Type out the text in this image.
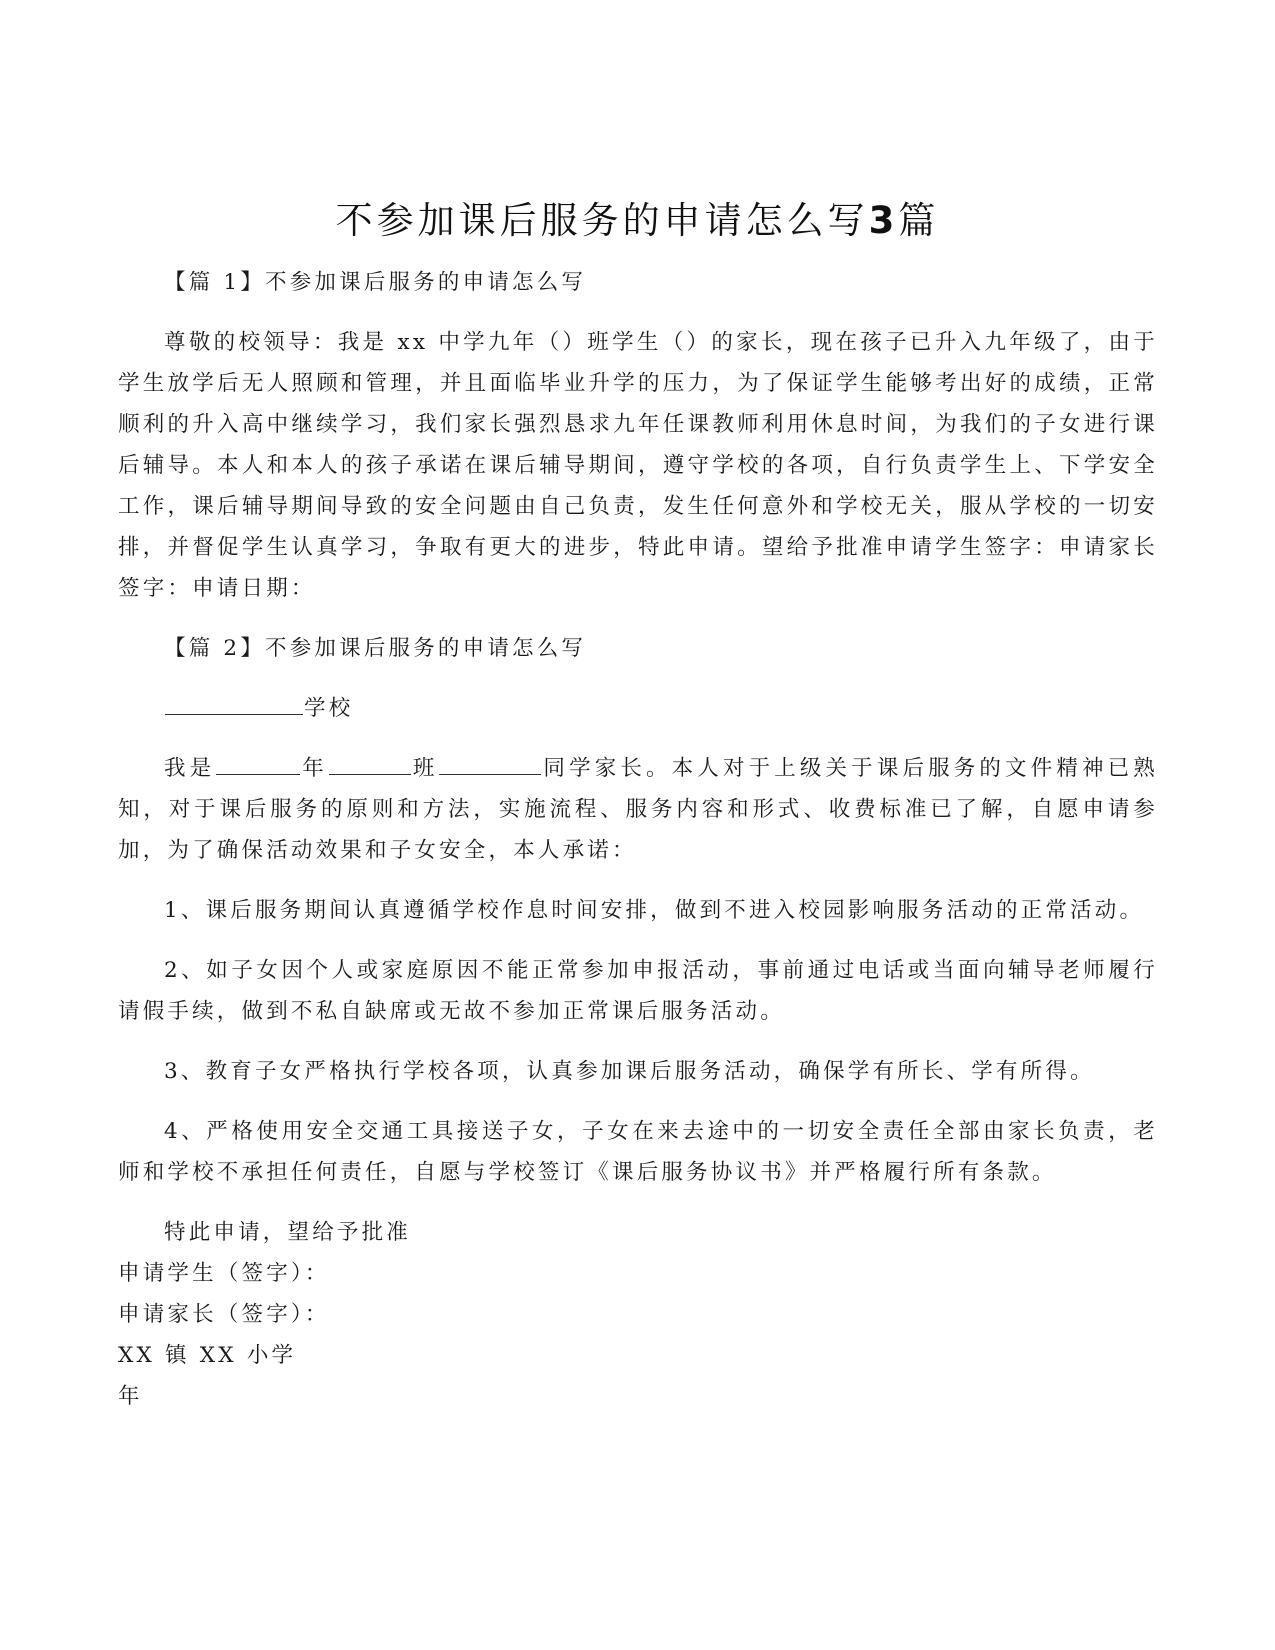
不参加课后服务的申请怎么写3篇

【篇 1】不参加课后服务的申请怎么写

尊敬的校领导：我是 xx 中学九年（）班学生（）的家长，现在孩子已升入九年级了，由于学生放学后无人照顾和管理，并且面临毕业升学的压力，为了保证学生能够考出好的成绩，正常顺利的升入高中继续学习，我们家长强烈恳求九年任课教师利用休息时间，为我们的子女进行课后辅导。本人和本人的孩子承诺在课后辅导期间，遵守学校的各项，自行负责学生上、下学安全工作，课后辅导期间导致的安全问题由自己负责，发生任何意外和学校无关，服从学校的一切安排，并督促学生认真学习，争取有更大的进步，特此申请。望给予批准申请学生签字：申请家长签字：申请日期：

【篇 2】不参加课后服务的申请怎么写

学校

我是	年	班	同学家长。本人对于上级关于课后服务的文件精神已熟知，对于课后服务的原则和方法，实施流程、服务内容和形式、收费标准已了解，自愿申请参加，为了确保活动效果和子女安全，本人承诺：

1、课后服务期间认真遵循学校作息时间安排，做到不进入校园影响服务活动的正常活动。

2、如子女因个人或家庭原因不能正常参加申报活动，事前通过电话或当面向辅导老师履行请假手续，做到不私自缺席或无故不参加正常课后服务活动。

3、教育子女严格执行学校各项，认真参加课后服务活动，确保学有所长、学有所得。

4、严格使用安全交通工具接送子女，子女在来去途中的一切安全责任全部由家长负责，老师和学校不承担任何责任，自愿与学校签订《课后服务协议书》并严格履行所有条款。

特此申请，望给予批准

申请学生（签字）：

申请家长（签字）：

XX 镇 XX 小学

年
